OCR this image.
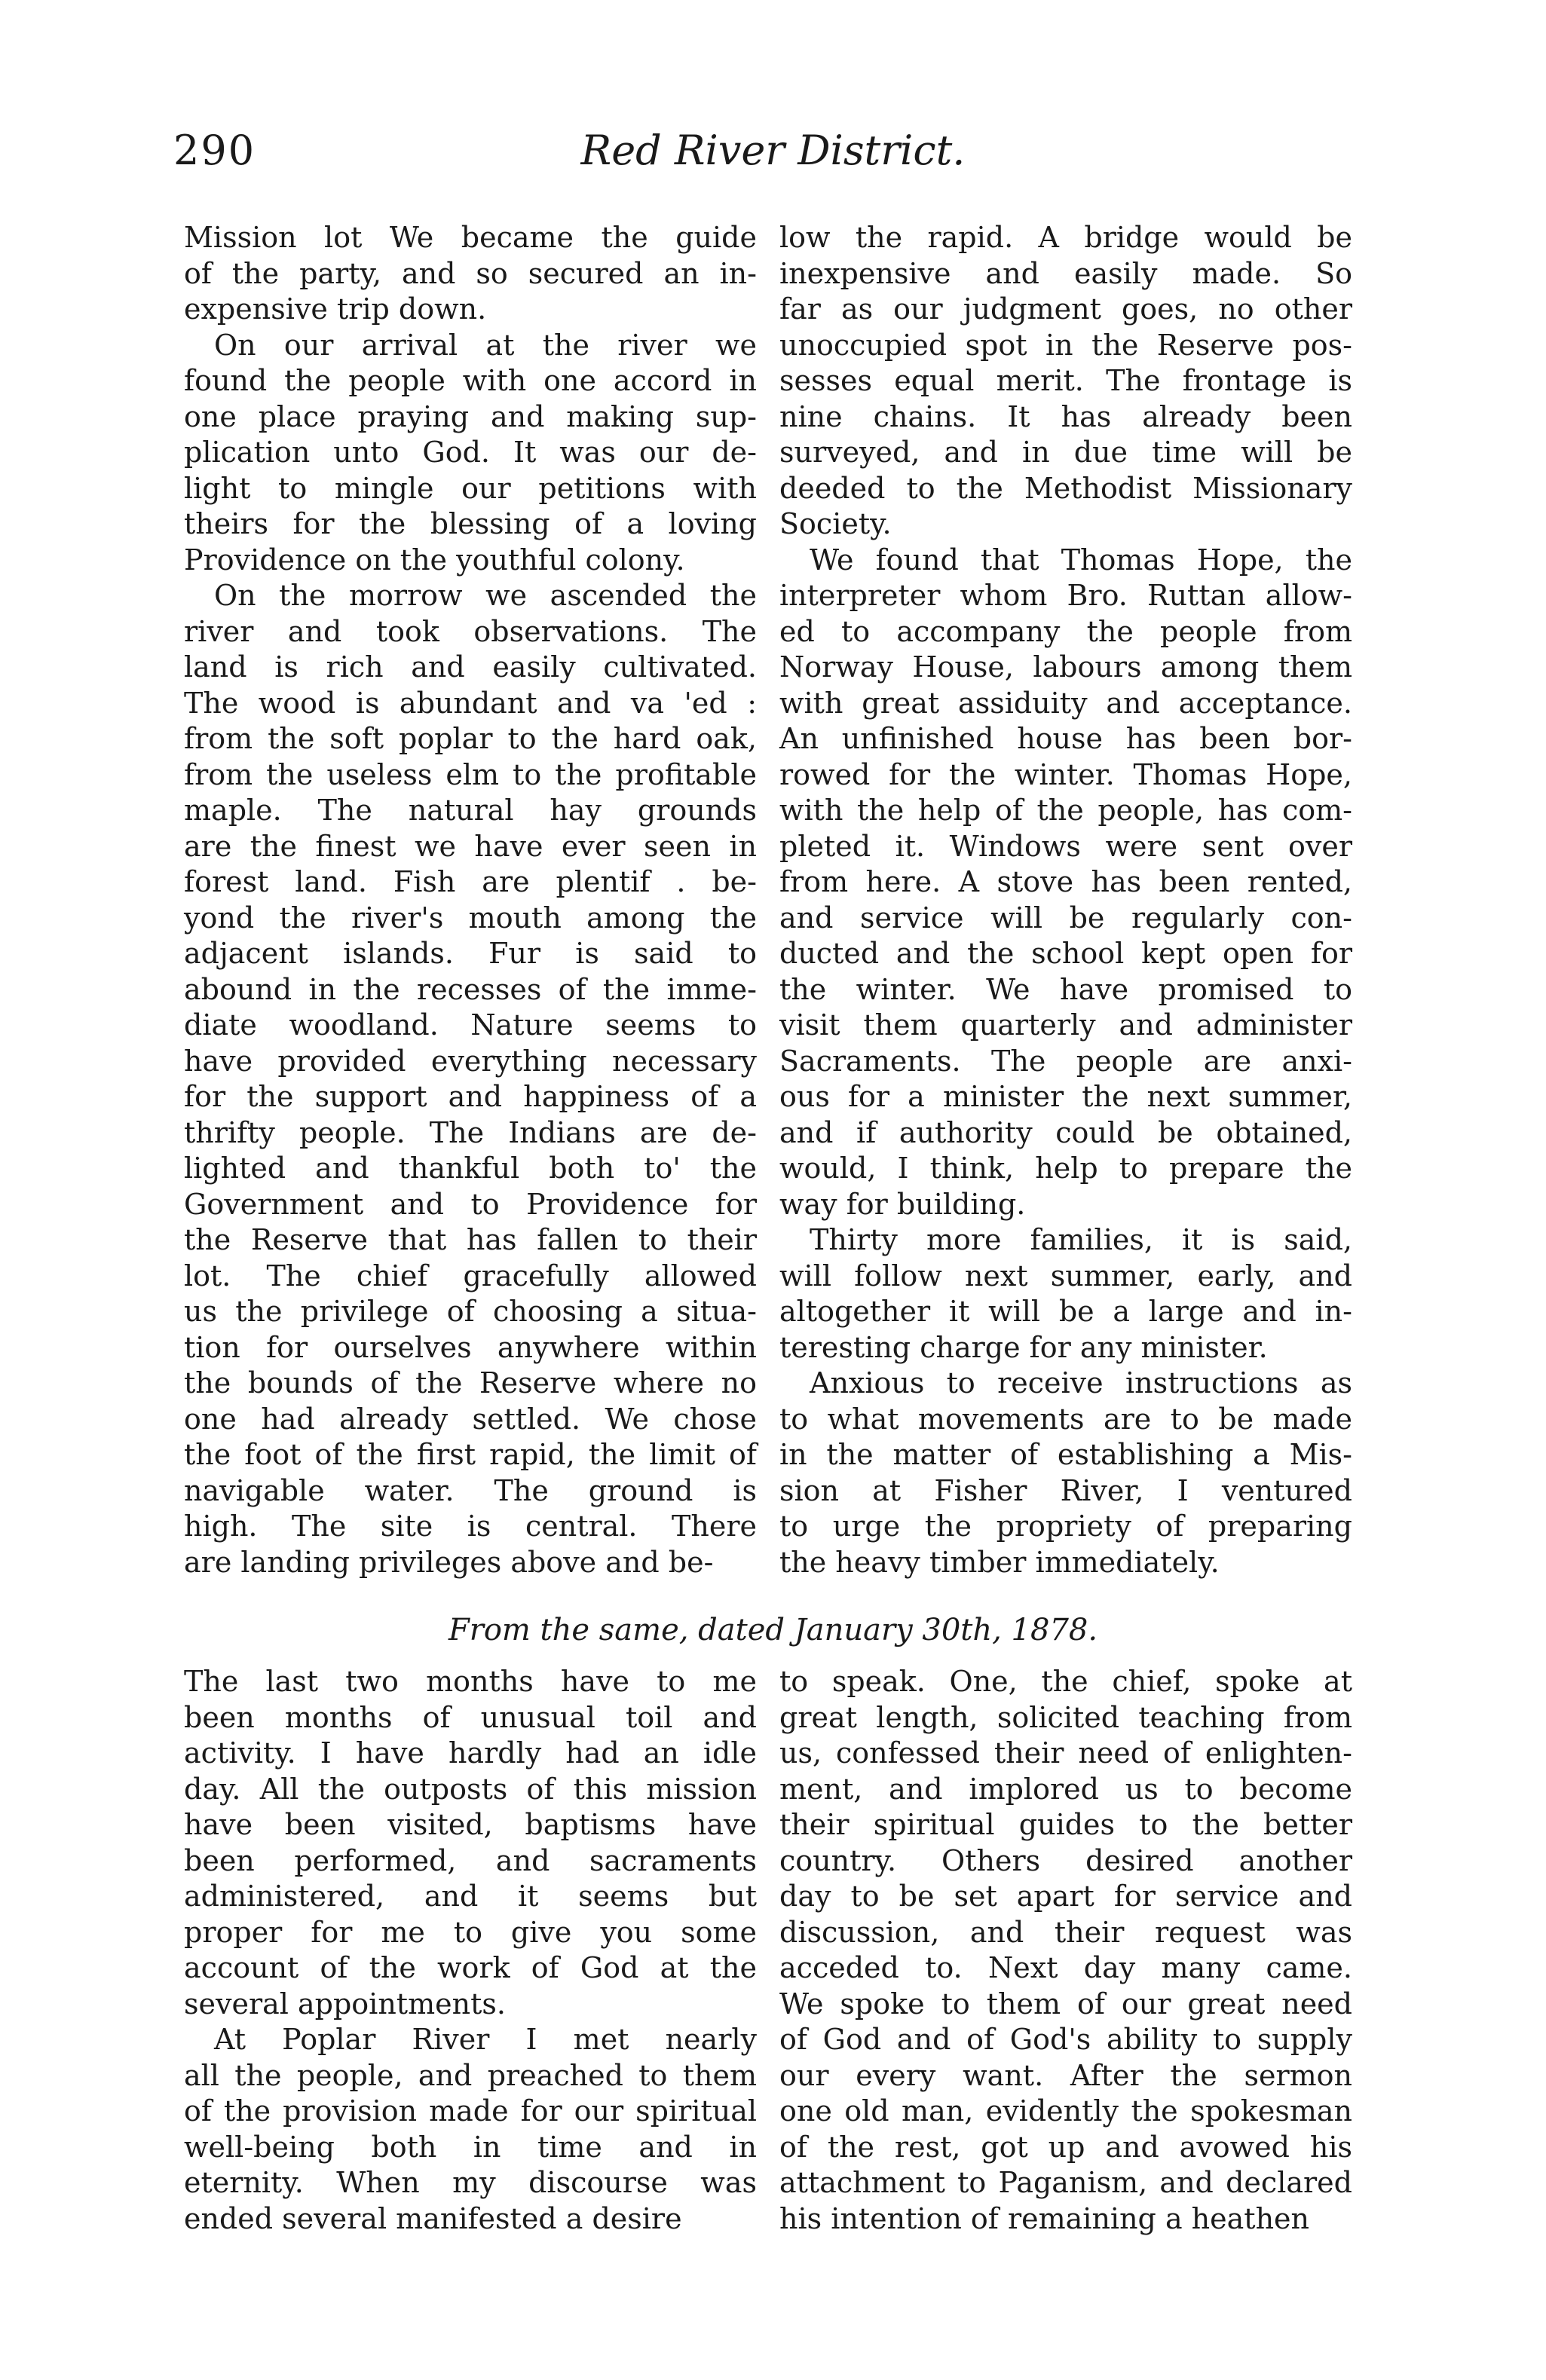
290	Red River District.
Mission lot We became the guide
of the party, and so secured an in-
expensive trip down.
On our arrival at the river we
found the people with one accord in
one place praying and making sup-
plication unto God. It was our de-
light to mingle our petitions with
theirs for the blessing of a loving
Providence on the youthful colony.
On the morrow we ascended the
river and took observations. The
land is rich and easily cultivated.
The wood is abundant and va 'ed :
from the soft poplar to the hard oak,
from the useless elm to the profitable
maple. The natural hay grounds
are the finest we have ever seen in
forest land. Fish are plentif . be-
yond the river's mouth among the
adjacent islands. Fur is said to
abound in the recesses of the imme-
diate woodland. Nature seems to
have provided everything necessary
for the support and happiness of a
thrifty people. The Indians are de-
lighted and thankful both to' the
Government and to Providence for
the Reserve that has fallen to their
lot. The chief gracefully allowed
us the privilege of choosing a situa-
tion for ourselves anywhere within
the bounds of the Reserve where no
one had already settled. We chose
the foot of the first rapid, the limit of
navigable water. The ground is
high. The site is central. There
are landing privileges above and be-
low the rapid. A bridge would be
inexpensive and easily made. So
far as our judgment goes, no other
unoccupied spot in the Reserve pos-
sesses equal merit. The frontage is
nine chains. It has already been
surveyed, and in due time will be
deeded to the Methodist Missionary
Society.
We found that Thomas Hope, the
interpreter whom Bro. Ruttan allow-
ed to accompany the people from
Norway House, labours among them
with great assiduity and acceptance.
An unfinished house has been bor-
rowed for the winter. Thomas Hope,
with the help of the people, has com-
pleted it. Windows were sent over
from here. A stove has been rented,
and service will be regularly con-
ducted and the school kept open for
the winter. We have promised to
visit them quarterly and administer
Sacraments. The people are anxi-
ous for a minister the next summer,
and if authority could be obtained,
would, I think, help to prepare the
way for building.
Thirty more families, it is said,
will follow next summer, early, and
altogether it will be a large and in-
teresting charge for any minister.
Anxious to receive instructions as
to what movements are to be made
in the matter of establishing a Mis-
sion at Fisher River, I ventured
to urge the propriety of preparing
the heavy timber immediately.
From the same, dated January 30th, 1878.
The last two months have to me
been months of unusual toil and
activity. I have hardly had an idle
day. All the outposts of this mission
have been visited, baptisms have
been performed, and sacraments
administered, and it seems but
proper for me to give you some
account of the work of God at the
several appointments.
At Poplar River I met nearly
all the people, and preached to them
of the provision made for our spiritual
well-being both in time and in
eternity. When my discourse was
ended several manifested a desire
to speak. One, the chief, spoke at
great length, solicited teaching from
us, confessed their need of enlighten-
ment, and implored us to become
their spiritual guides to the better
country. Others desired another
day to be set apart for service and
discussion, and their request was
acceded to. Next day many came.
We spoke to them of our great need
of God and of God's ability to supply
our every want. After the sermon
one old man, evidently the spokesman
of the rest, got up and avowed his
attachment to Paganism, and declared
his intention of remaining a heathen
